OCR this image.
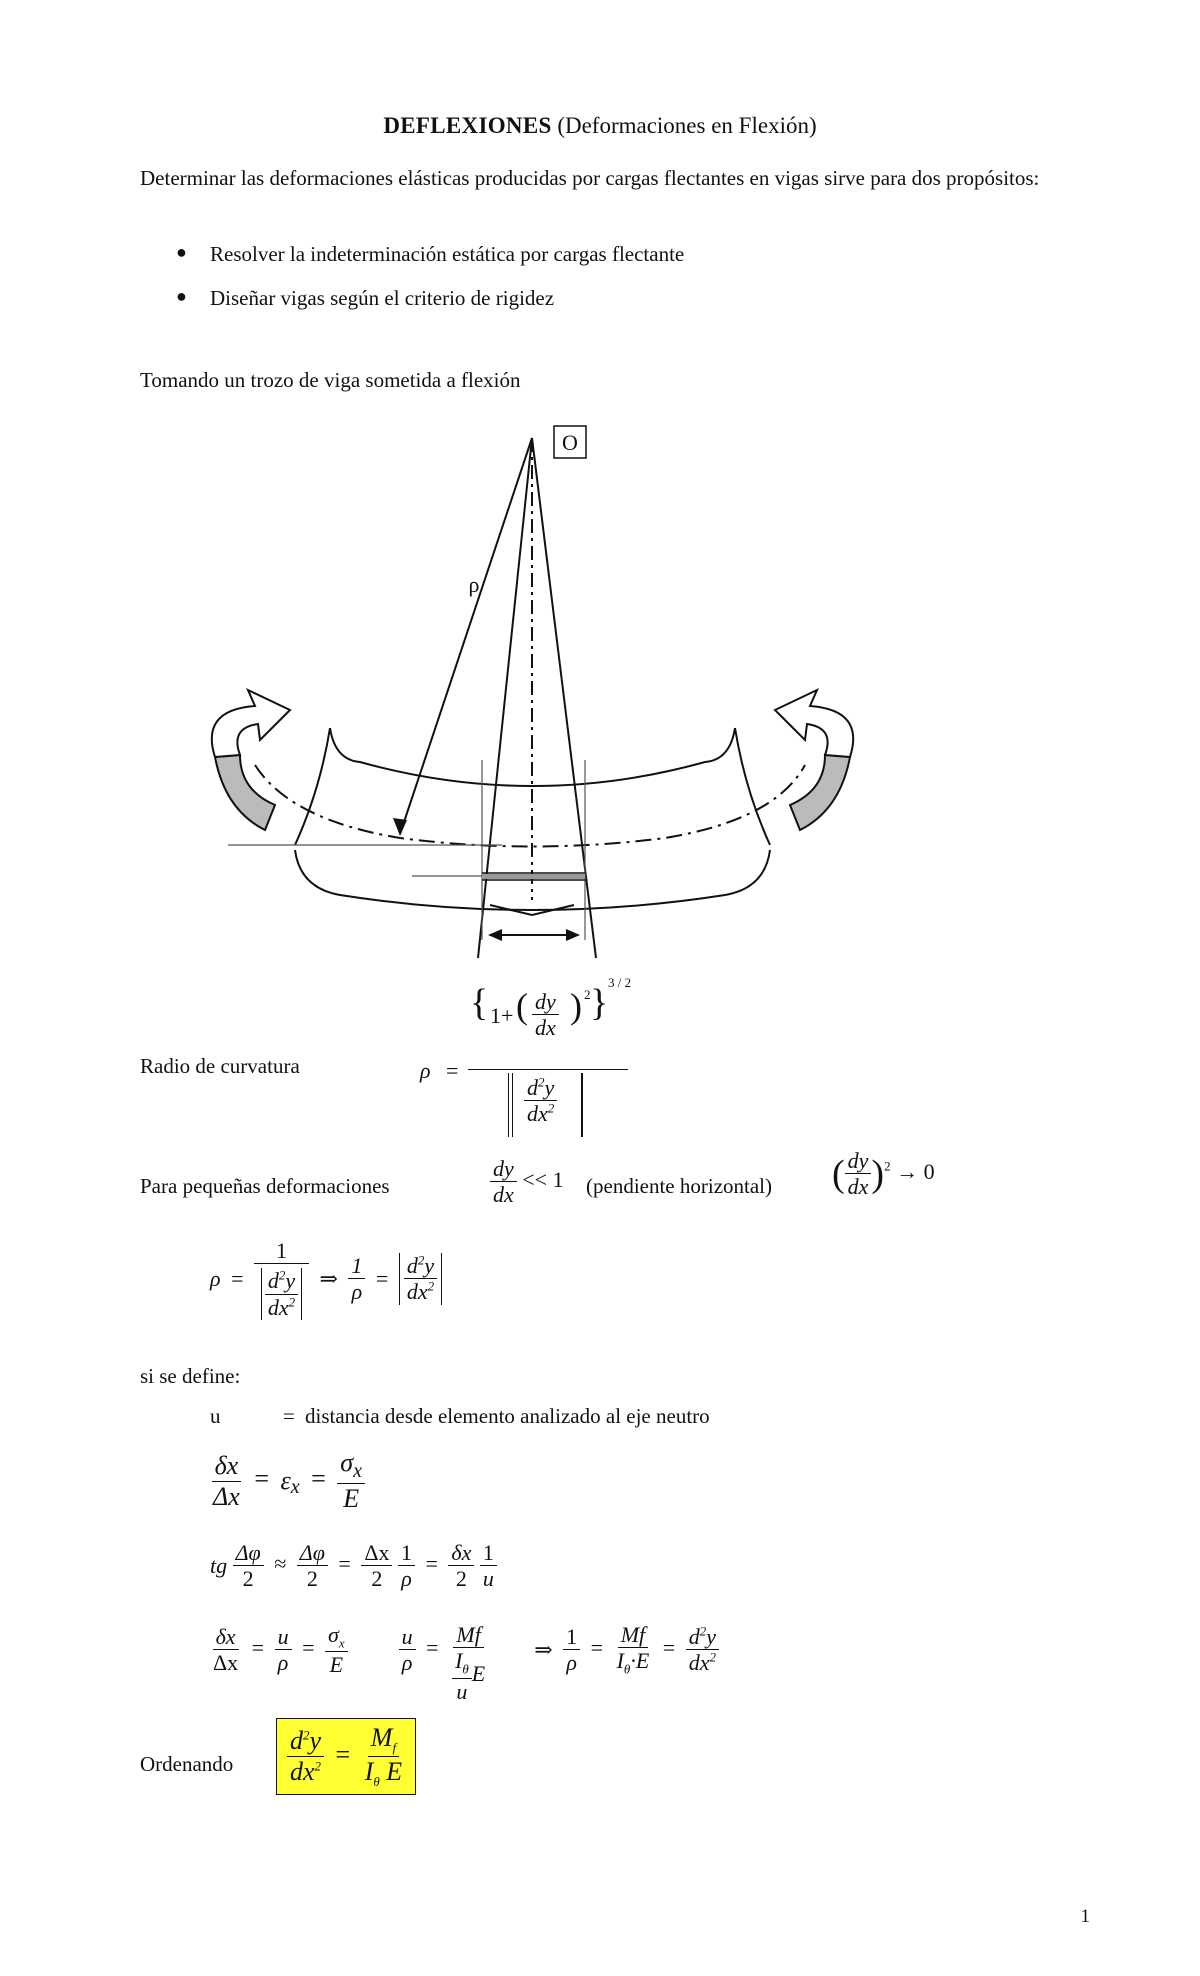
DEFLEXIONES (Deformaciones en Flexión)
Determinar las deformaciones elásticas producidas por cargas flectantes en vigas sirve para dos propósitos:
● Resolver la indeterminación estática por cargas flectante
● Diseñar vigas según el criterio de rigidez
Tomando un trozo de viga sometida a flexión
O
ρ
Radio de curvatura	ρ =
{ 1+ ( $\frac{dy}{dx}$ ) 2 } 3 / 2
$\frac{d^2y}{dx^2}$
Para pequeñas deformaciones	$\frac{dy}{dx} << 1$ (pendiente horizontal) ( $\frac{dy}{dx} )^2 \to 0$
$\rho = \frac{1}{\frac{d^2y}{dx^2}}$ ⇒ $\frac{1}{\rho} = \frac{d^2y}{dx^2}$
si se define:
u	= distancia desde elemento analizado al eje neutro
$\frac{\delta x}{\Delta x} = \varepsilon_x = \frac{\sigma_x}{E}$
tg $\frac{\Delta\varphi}{2} \approx \frac{\Delta\varphi}{2} = \frac{\Delta x}{2}$
$\frac{1}{\rho} = \frac{\delta x}{2}$
$\frac{1}{u}$
$\frac{\delta x}{\Delta x} = \frac{u}{\rho} = \frac{\sigma_x}{E}$
$\frac{u}{\rho} = \frac{Mf}{\frac{I_\theta}{u} E}$ ⇒ $\frac{1}{\rho} = \frac{Mf}{I_\theta\cdot E} = \frac{d^2y}{dx^2}$
Ordenando $\frac{d^2y}{dx^2} = \frac{M_f}{I_\theta E}$
1
